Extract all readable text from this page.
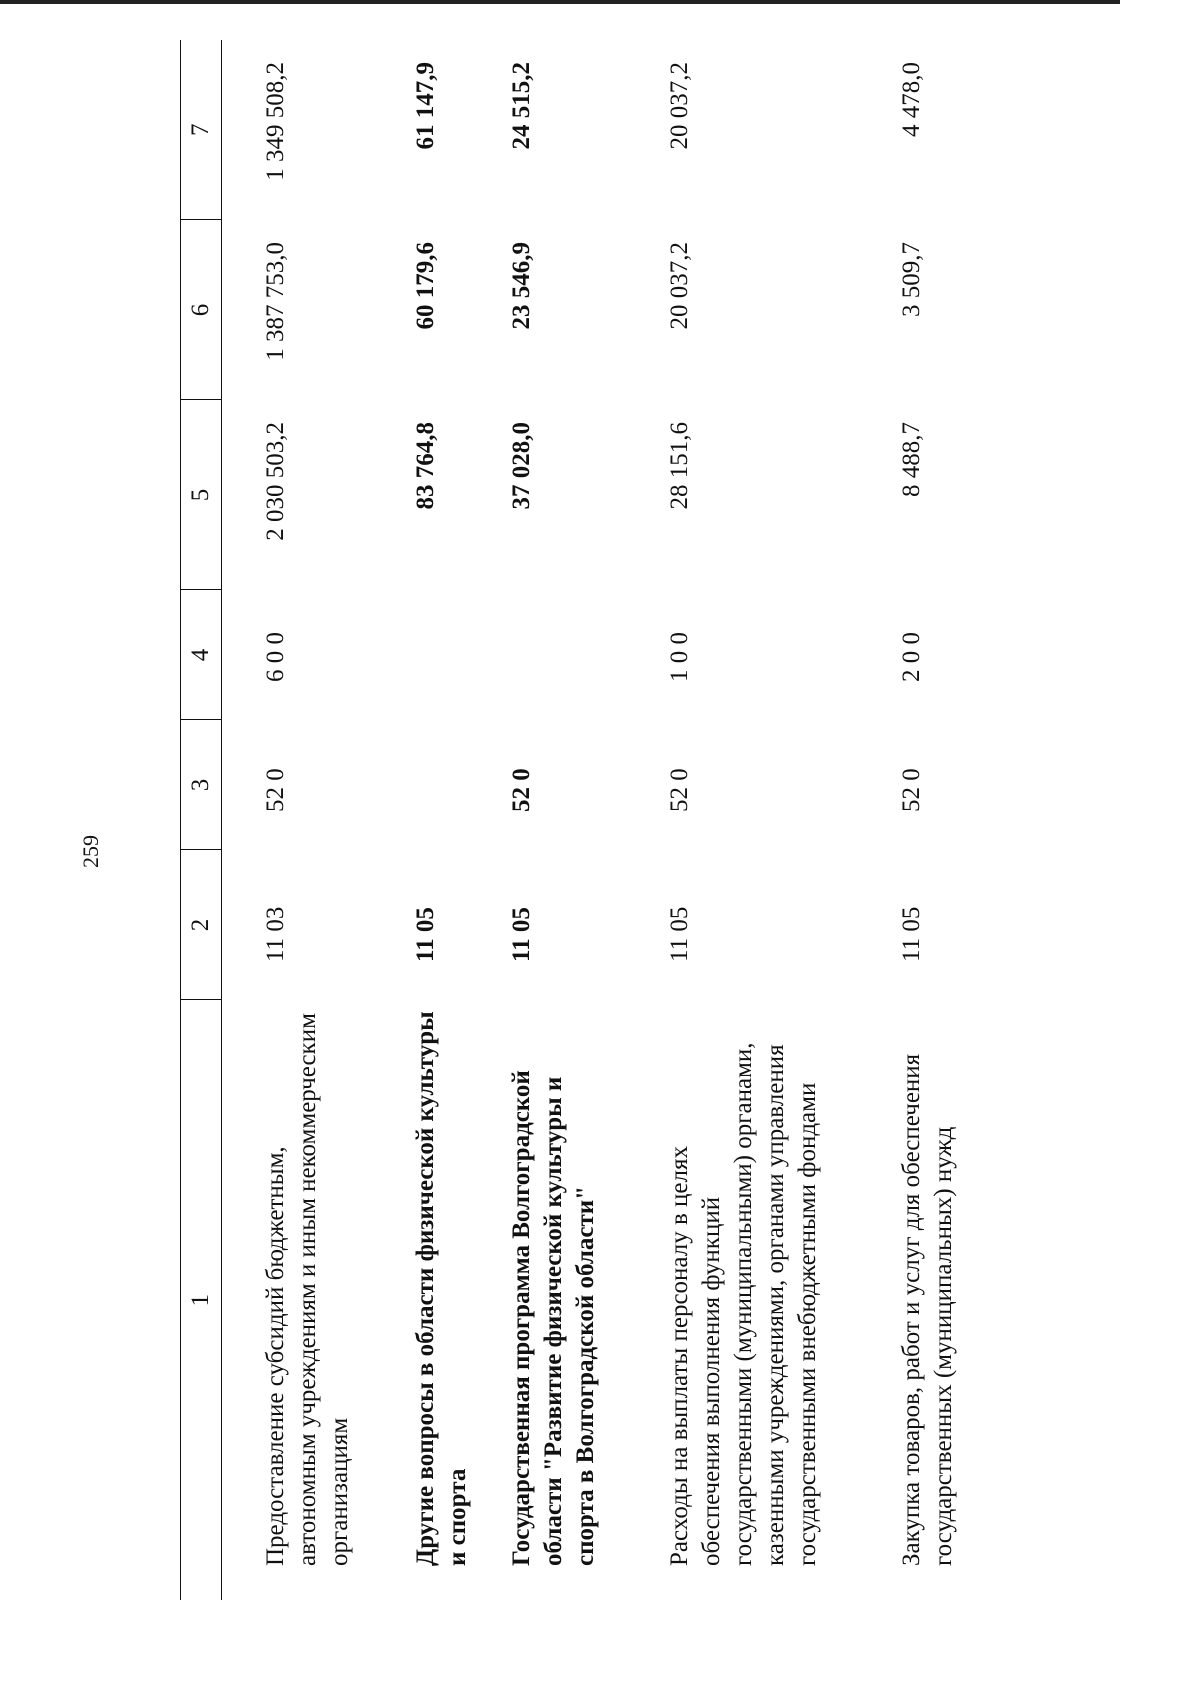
259
1	2	3	4	5	6	7
Предоставление субсидий бюджетным, автономным учреждениям и иным некоммерческим организациям	11 03	52 0	6 0 0	2 030 503,2	1 387 753,0	1 349 508,2
Другие вопросы в области физической культуры и спорта	11 05			83 764,8	60 179,6	61 147,9
Государственная программа Волгоградской области "Развитие физической культуры и спорта в Волгоградской области"	11 05	52 0		37 028,0	23 546,9	24 515,2
Расходы на выплаты персоналу в целях обеспечения выполнения функций государственными (муниципальными) органами, казенными учреждениями, органами управления государственными внебюджетными фондами	11 05	52 0	1 0 0	28 151,6	20 037,2	20 037,2
Закупка товаров, работ и услуг для обеспечения государственных (муниципальных) нужд	11 05	52 0	2 0 0	8 488,7	3 509,7	4 478,0
